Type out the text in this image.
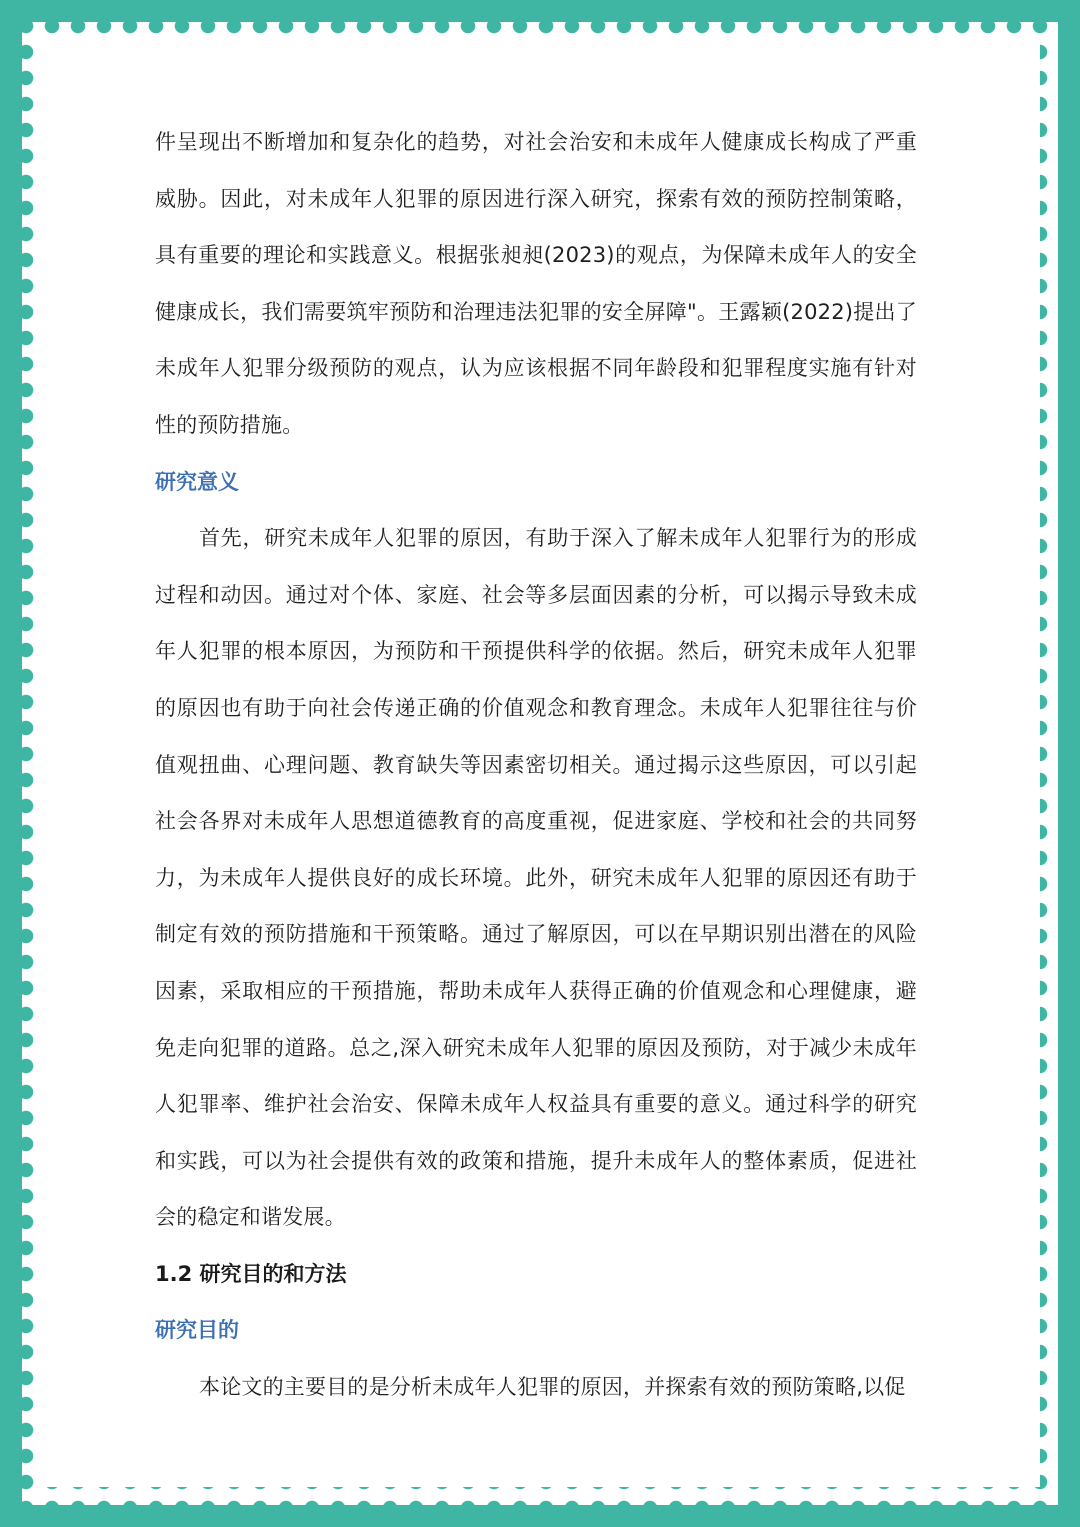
件呈现出不断增加和复杂化的趋势，对社会治安和未成年人健康成长构成了严重威胁。因此，对未成年人犯罪的原因进行深入研究，探索有效的预防控制策略，具有重要的理论和实践意义。根据张昶昶(2023)的观点，为保障未成年人的安全健康成长，我们需要筑牢预防和治理违法犯罪的安全屏障"。王露颖(2022)提出了未成年人犯罪分级预防的观点，认为应该根据不同年龄段和犯罪程度实施有针对性的预防措施。

研究意义

首先，研究未成年人犯罪的原因，有助于深入了解未成年人犯罪行为的形成过程和动因。通过对个体、家庭、社会等多层面因素的分析，可以揭示导致未成年人犯罪的根本原因，为预防和干预提供科学的依据。然后，研究未成年人犯罪的原因也有助于向社会传递正确的价值观念和教育理念。未成年人犯罪往往与价值观扭曲、心理问题、教育缺失等因素密切相关。通过揭示这些原因，可以引起社会各界对未成年人思想道德教育的高度重视，促进家庭、学校和社会的共同努力，为未成年人提供良好的成长环境。此外，研究未成年人犯罪的原因还有助于制定有效的预防措施和干预策略。通过了解原因，可以在早期识别出潜在的风险因素，采取相应的干预措施，帮助未成年人获得正确的价值观念和心理健康，避免走向犯罪的道路。总之,深入研究未成年人犯罪的原因及预防，对于减少未成年人犯罪率、维护社会治安、保障未成年人权益具有重要的意义。通过科学的研究和实践，可以为社会提供有效的政策和措施，提升未成年人的整体素质，促进社会的稳定和谐发展。

1.2 研究目的和方法
研究目的

本论文的主要目的是分析未成年人犯罪的原因，并探索有效的预防策略,以促
